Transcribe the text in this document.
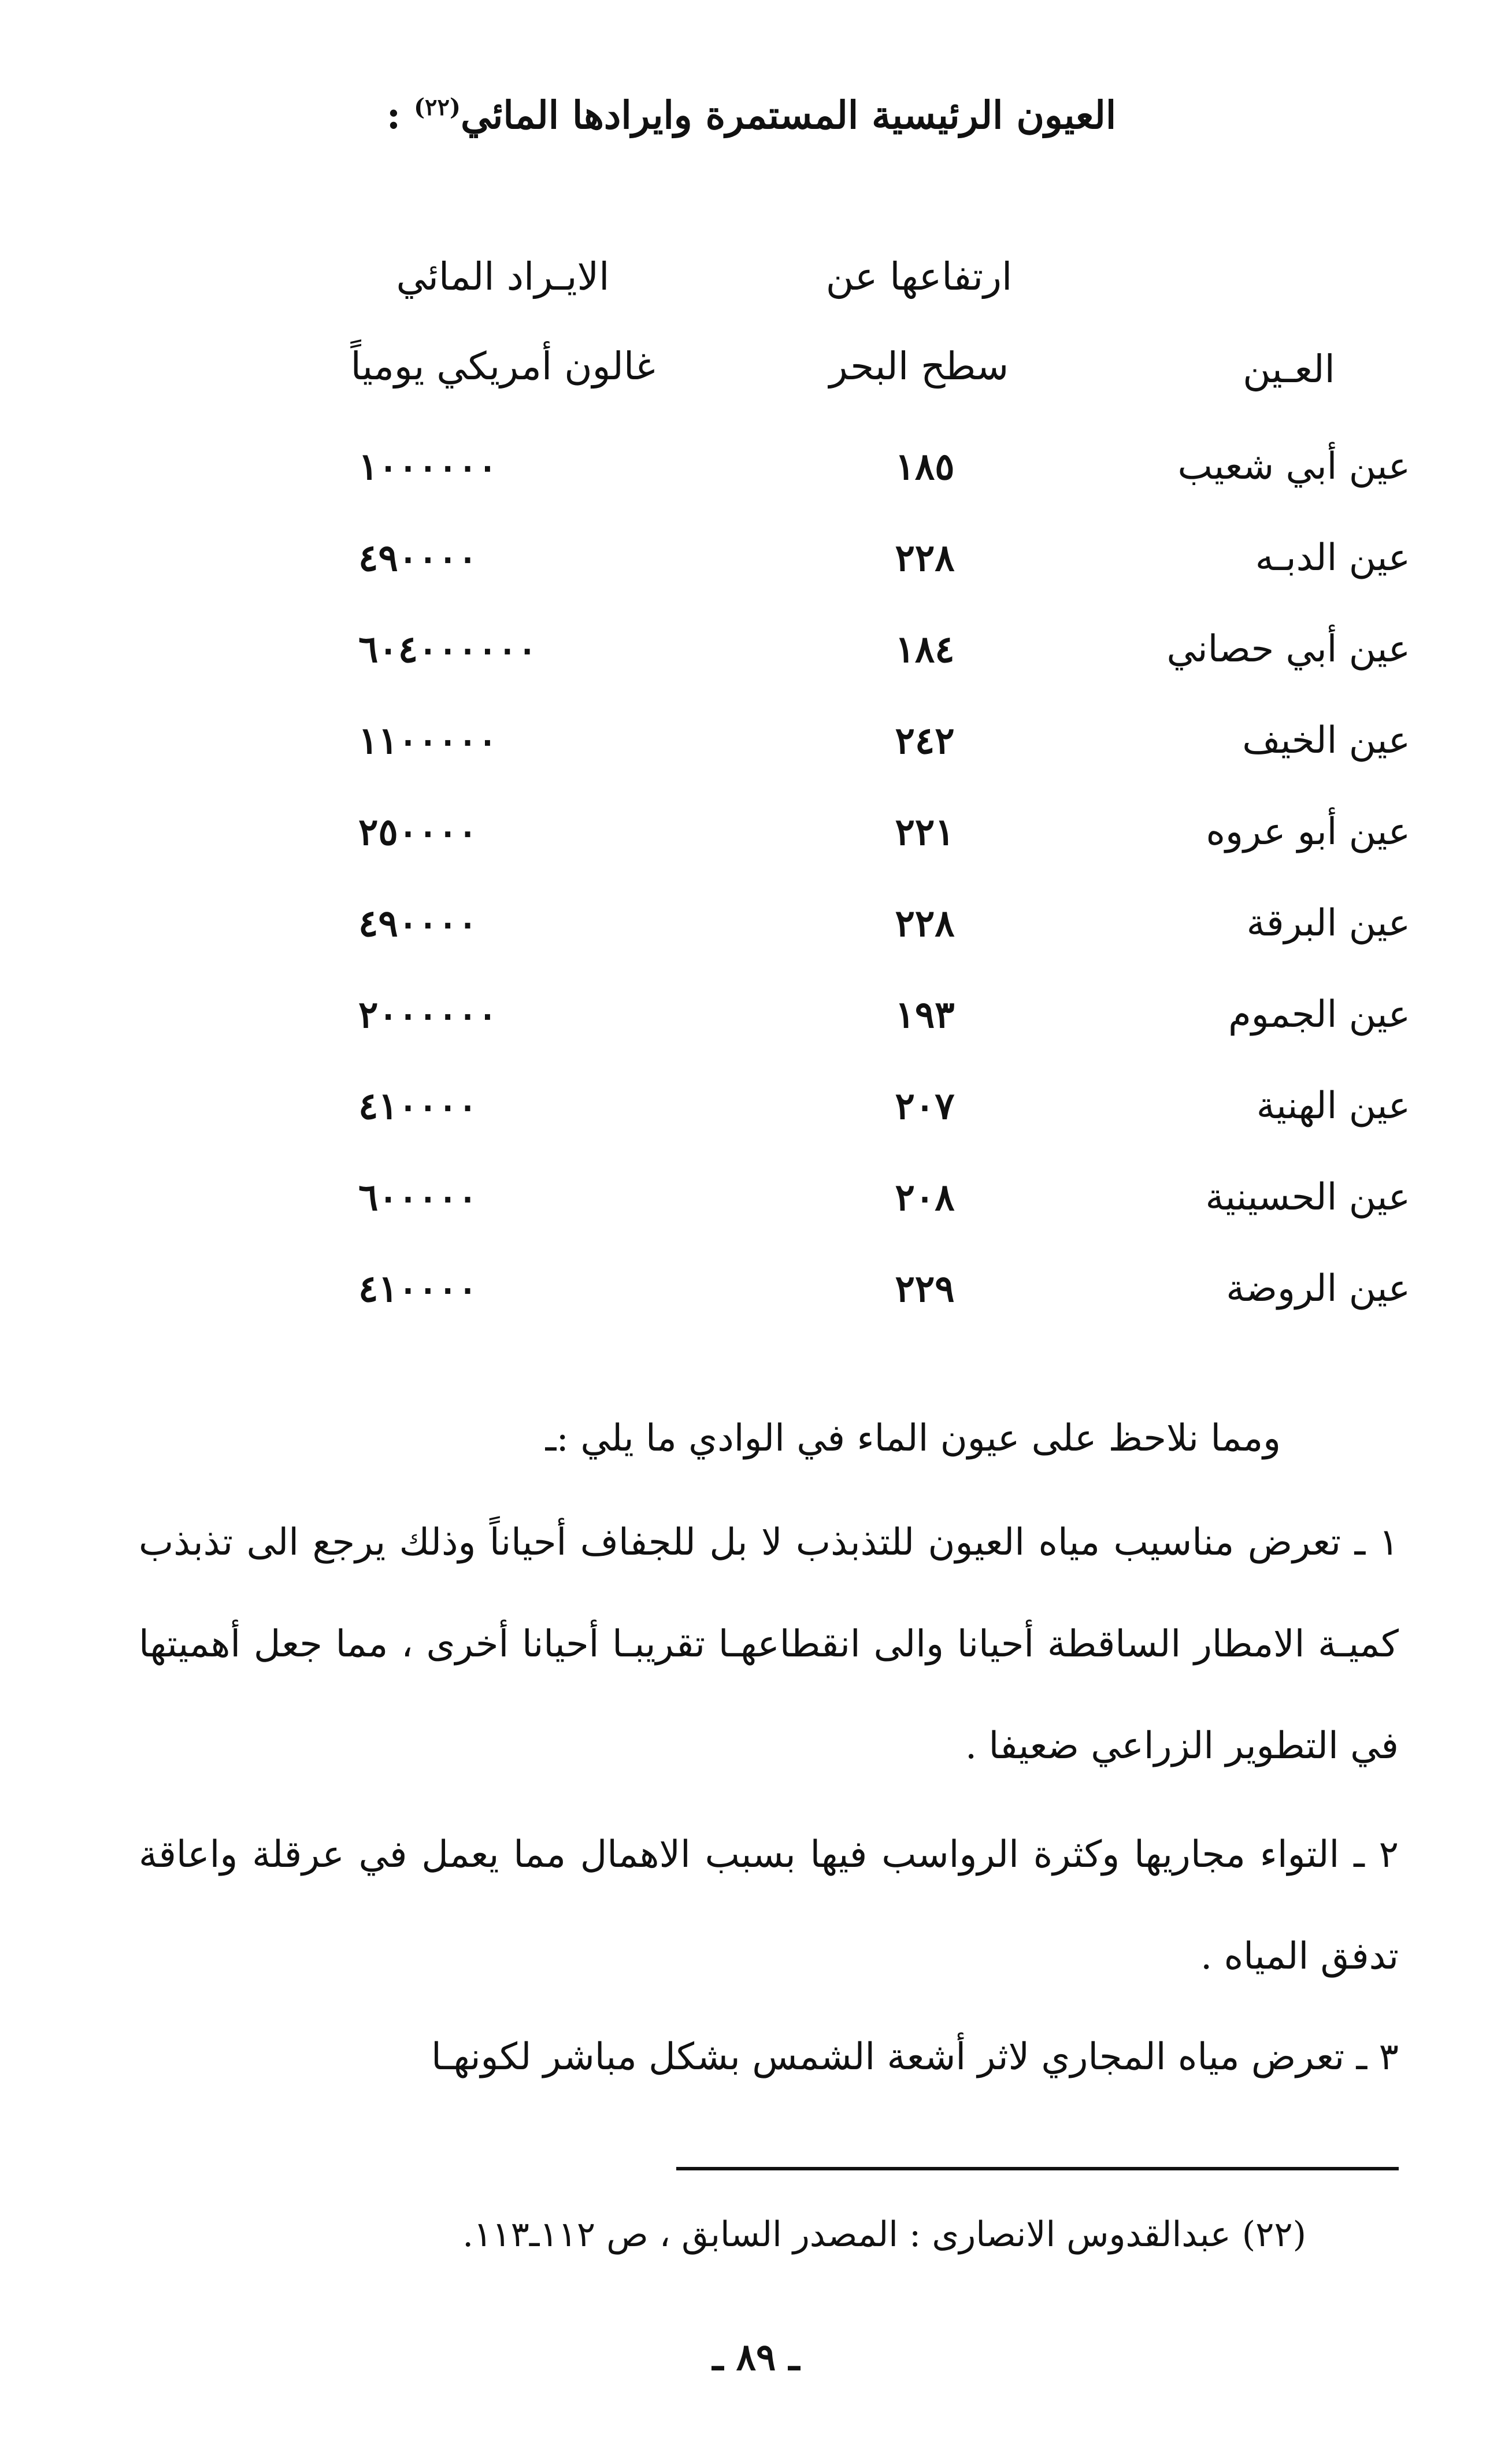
العيون الرئيسية المستمرة وايرادها المائي$^{(٢٢)}$ :
الايـراد المائي
غالون أمريكي يومياً
ارتفاعها عن
سطح البحر	العـين
عين أبي شعيب
١٨٥
١٠٠٠٠٠٠
عين الدبـه
٢٢٨
٤٩٠٠٠٠
عين أبي حصاني
١٨٤
٦٠٤٠٠٠٠٠٠
عين الخيف
٢٤٢
١١٠٠٠٠٠
عين أبو عروه
٢٢١
٢٥٠٠٠٠
عين البرقة
٢٢٨
٤٩٠٠٠٠
عين الجموم
١٩٣
٢٠٠٠٠٠٠
عين الهنية
٢٠٧
٤١٠٠٠٠
عين الحسينية
٢٠٨
٦٠٠٠٠٠
عين الروضة
٢٢٩
٤١٠٠٠٠
ومما نلاحظ على عيون الماء في الوادي ما يلي :ـ
١ ـ تعرض مناسيب مياه العيون للتذبذب لا بل للجفاف أحياناً وذلك يرجع الى تذبذب كميـة الامطار الساقطة أحيانا والى انقطاعهـا تقريبـا أحيانا أخرى ، مما جعل أهميتها في التطوير الزراعي ضعيفا .
٢ ـ التواء مجاريها وكثرة الرواسب فيها بسبب الاهمال مما يعمل في عرقلة واعاقة تدفق المياه .
٣ ـ تعرض مياه المجاري لاثر أشعة الشمس بشكل مباشر لكونهـا
(٢٢) عبدالقدوس الانصارى : المصدر السابق ، ص ١١٢ـ١١٣.
ـ ٨٩ ـ
